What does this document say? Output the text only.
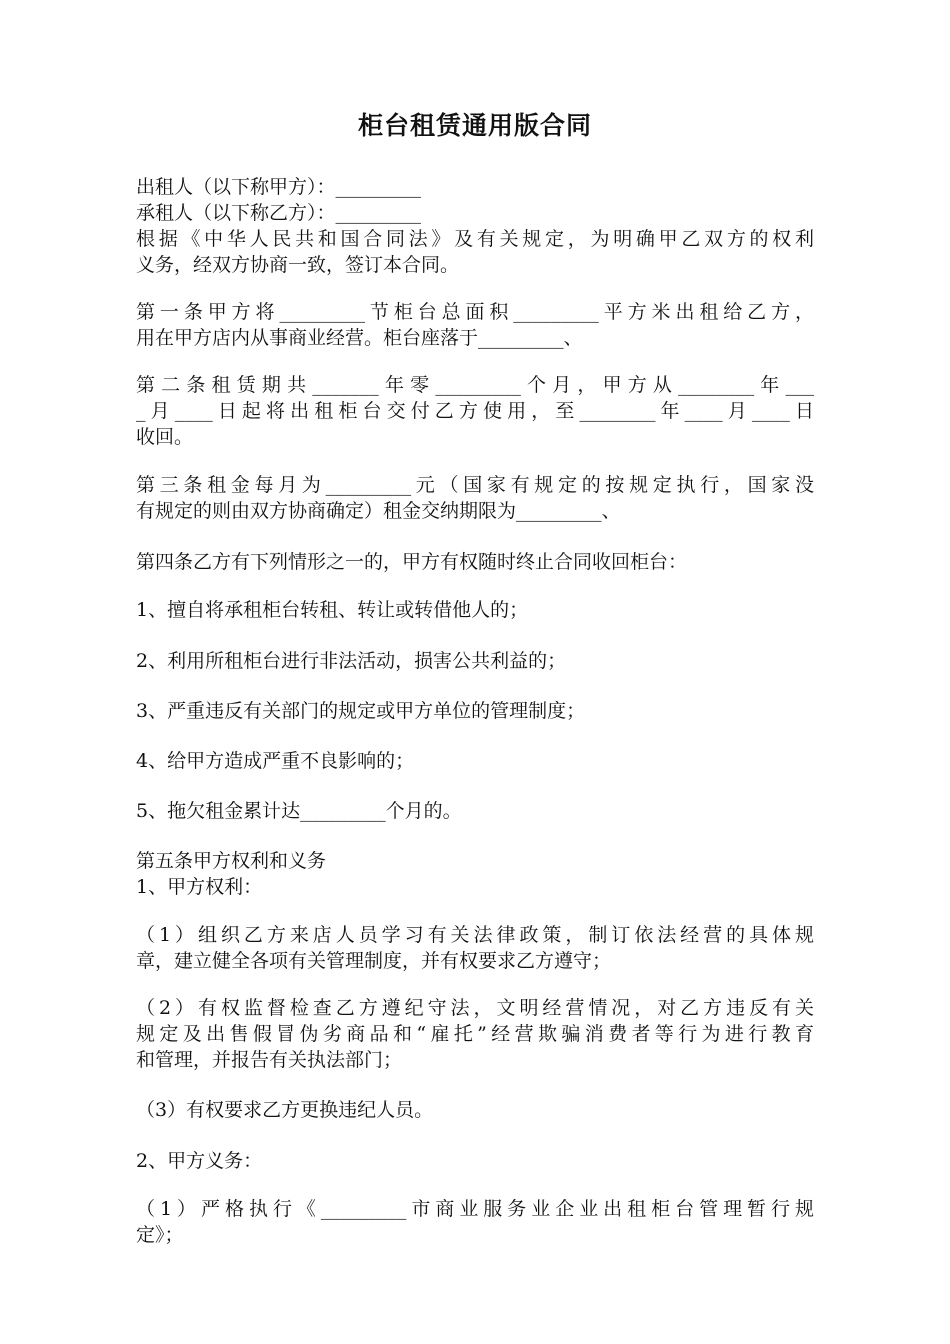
柜台租赁通用版合同
出租人（以下称甲方）：_________
承租人（以下称乙方）：_________
根据《中华人民共和国合同法》及有关规定，为明确甲乙双方的权利
义务，经双方协商一致，签订本合同。
第一条甲方将_________节柜台总面积_________平方米出租给乙方，
用在甲方店内从事商业经营。柜台座落于_________、
第二条租赁期共_______年零_________个月，甲方从________年___
_月____日起将出租柜台交付乙方使用，至________年____月____日
收回。
第三条租金每月为_________元（国家有规定的按规定执行，国家没
有规定的则由双方协商确定）租金交纳期限为_________、
第四条乙方有下列情形之一的，甲方有权随时终止合同收回柜台：
1、擅自将承租柜台转租、转让或转借他人的；
2、利用所租柜台进行非法活动，损害公共利益的；
3、严重违反有关部门的规定或甲方单位的管理制度；
4、给甲方造成严重不良影响的；
5、拖欠租金累计达_________个月的。
第五条甲方权利和义务
1、甲方权利：
（1）组织乙方来店人员学习有关法律政策，制订依法经营的具体规
章，建立健全各项有关管理制度，并有权要求乙方遵守；
（2）有权监督检查乙方遵纪守法，文明经营情况，对乙方违反有关
规定及出售假冒伪劣商品和“雇托”经营欺骗消费者等行为进行教育
和管理，并报告有关执法部门；
（3）有权要求乙方更换违纪人员。
2、甲方义务：
（1）严格执行《_________市商业服务业企业出租柜台管理暂行规
定》；
